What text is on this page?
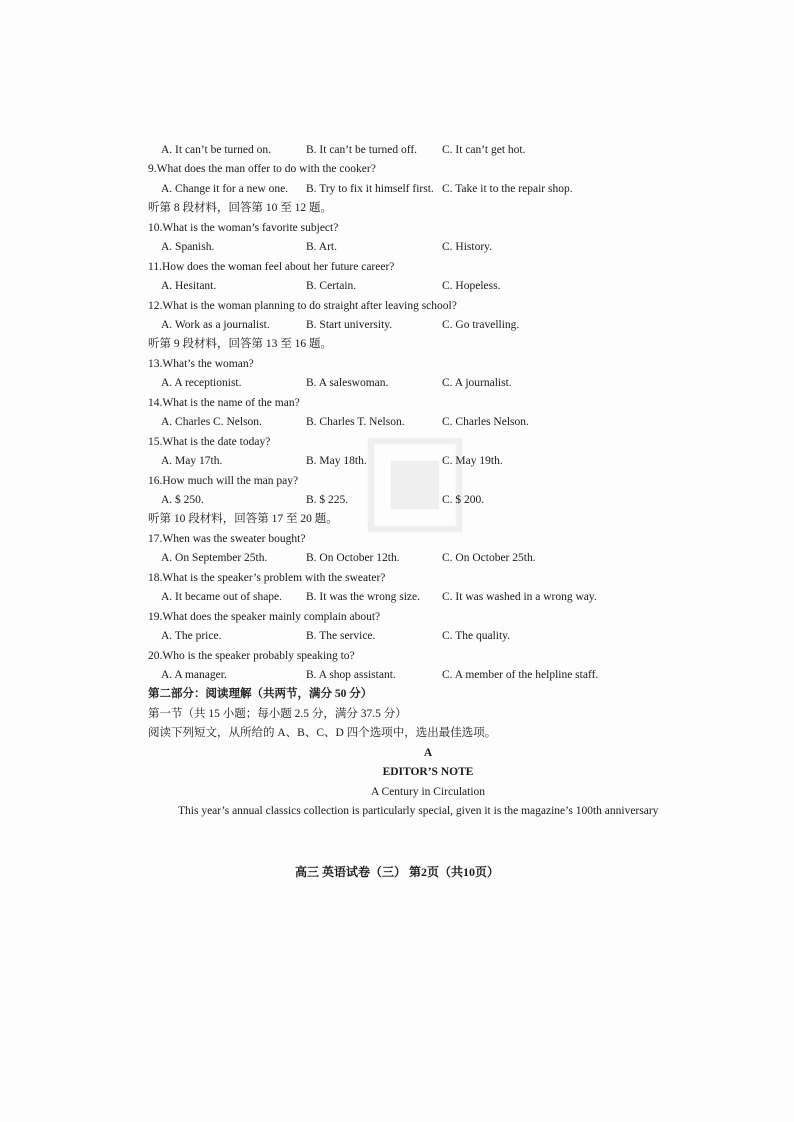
A. It can’t be turned on.	B. It can’t be turned off. C. It can’t get hot.
9.What does the man offer to do with the cooker?
A. Change it for a new one. B. Try to fix it himself first. C. Take it to the repair shop.
听第 8 段材料，回答第 10 至 12 题。
10.What is the woman’s favorite subject?
A. Spanish.	B. Art.	C. History.
11.How does the woman feel about her future career?
A. Hesitant.	B. Certain.	C. Hopeless.
12.What is the woman planning to do straight after leaving school?
A. Work as a journalist.	B. Start university.	C. Go travelling.
听第 9 段材料，回答第 13 至 16 题。
13.What’s the woman?
A. A receptionist.	B. A saleswoman.	C. A journalist.
14.What is the name of the man?
A. Charles C. Nelson.	B. Charles T. Nelson.	C. Charles Nelson.
15.What is the date today?
A. May 17th.	B. May 18th.	C. May 19th.
16.How much will the man pay?
A. $ 250.	B. $ 225.	C. $ 200.
听第 10 段材料，回答第 17 至 20 题。
17.When was the sweater bought?
A. On September 25th.	B. On October 12th.	C. On October 25th.
18.What is the speaker’s problem with the sweater?
A. It became out of shape. B. It was the wrong size. C. It was washed in a wrong way.
19.What does the speaker mainly complain about?
A. The price.	B. The service.	C. The quality.
20.Who is the speaker probably speaking to?
A. A manager.	B. A shop assistant.	C. A member of the helpline staff.
第二部分：阅读理解（共两节，满分 50 分）
第一节（共 15 小题；每小题 2.5 分，满分 37.5 分）
阅读下列短文，从所给的 A、B、C、D 四个选项中，选出最佳选项。
A
EDITOR’S NOTE
A Century in Circulation
This year’s annual classics collection is particularly special, given it is the magazine’s 100th anniversary
高三 英语试卷（三） 第2页（共10页）
